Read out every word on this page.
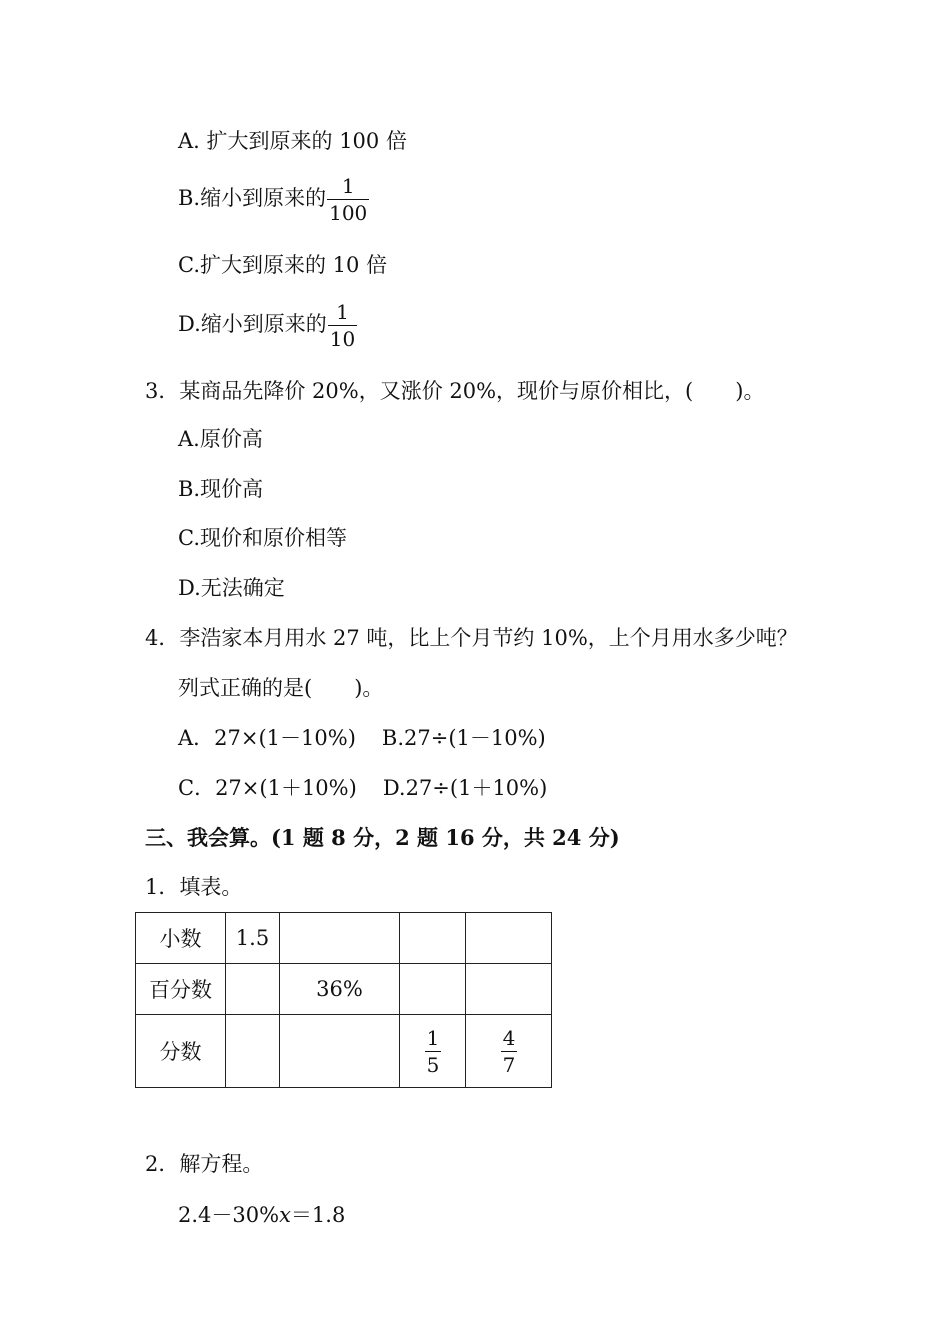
A. 扩大到原来的 100 倍
B.缩小到原来的 $\frac{1}{100}$
C.扩大到原来的 10 倍
D.缩小到原来的 $\frac{1}{10}$
3．某商品先降价 20%，又涨价 20%，现价与原价相比，(　　)。
A.原价高
B.现价高
C.现价和原价相等
D.无法确定
4．李浩家本月用水 27 吨，比上个月节约 10%，上个月用水多少吨？
列式正确的是(　　)。
A．27×(1－10%) B.27÷(1－10%)
C．27×(1＋10%) D.27÷(1＋10%)
三、我会算。(1 题 8 分，2 题 16 分，共 24 分)
1．填表。
小数	1.5			
百分数		36%		
分数			$\frac{1}{5}$	$\frac{4}{7}$
2．解方程。
2.4－30%x＝1.8
